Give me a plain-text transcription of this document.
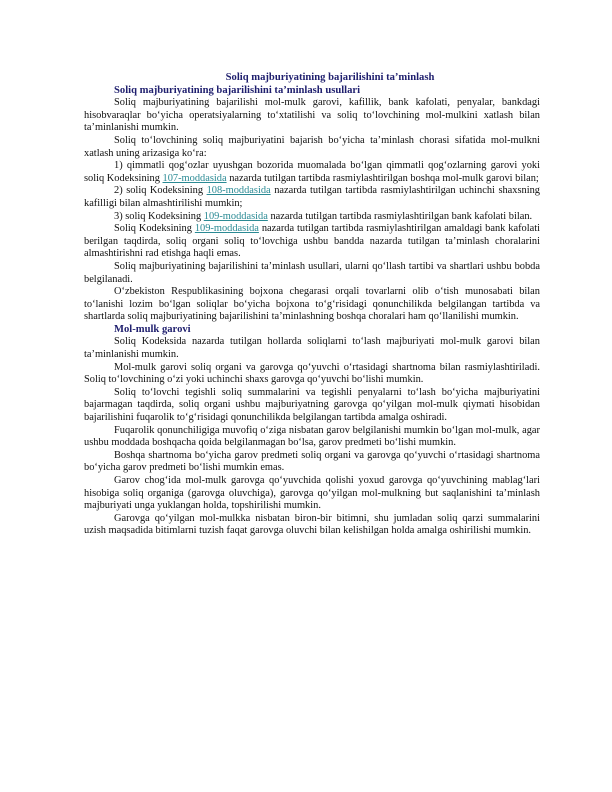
Soliq majburiyatining bajarilishini ta’minlash
Soliq majburiyatining bajarilishini ta’minlash usullari

Soliq majburiyatining bajarilishi mol-mulk garovi, kafillik, bank kafolati, penyalar, bankdagi hisobvaraqlar bo‘yicha operatsiyalarning to‘xtatilishi va soliq to‘lovchining mol-mulkini xatlash bilan ta’minlanishi mumkin.

Soliq to‘lovchining soliq majburiyatini bajarish bo‘yicha ta’minlash chorasi sifatida mol-mulkni xatlash uning arizasiga ko‘ra:

1) qimmatli qog‘ozlar uyushgan bozorida muomalada bo‘lgan qimmatli qog‘ozlarning garovi yoki soliq Kodeksining 107-moddasida nazarda tutilgan tartibda rasmiylashtirilgan boshqa mol-mulk garovi bilan;

2) soliq Kodeksining 108-moddasida nazarda tutilgan tartibda rasmiylashtirilgan uchinchi shaxsning kafilligi bilan almashtirilishi mumkin;

3) soliq Kodeksining 109-moddasida nazarda tutilgan tartibda rasmiylashtirilgan bank kafolati bilan.

Soliq Kodeksining 109-moddasida nazarda tutilgan tartibda rasmiylashtirilgan amaldagi bank kafolati berilgan taqdirda, soliq organi soliq to‘lovchiga ushbu bandda nazarda tutilgan ta’minlash choralarini almashtirishni rad etishga haqli emas.

Soliq majburiyatining bajarilishini ta’minlash usullari, ularni qo‘llash tartibi va shartlari ushbu bobda belgilanadi.

O‘zbekiston Respublikasining bojxona chegarasi orqali tovarlarni olib o‘tish munosabati bilan to‘lanishi lozim bo‘lgan soliqlar bo‘yicha bojxona to‘g‘risidagi qonunchilikda belgilangan tartibda va shartlarda soliq majburiyatining bajarilishini ta’minlashning boshqa choralari ham qo‘llanilishi mumkin.

Mol-mulk garovi

Soliq Kodeksida nazarda tutilgan hollarda soliqlarni to‘lash majburiyati mol-mulk garovi bilan ta’minlanishi mumkin.

Mol-mulk garovi soliq organi va garovga qo‘yuvchi o‘rtasidagi shartnoma bilan rasmiylashtiriladi. Soliq to‘lovchining o‘zi yoki uchinchi shaxs garovga qo‘yuvchi bo‘lishi mumkin.

Soliq to‘lovchi tegishli soliq summalarini va tegishli penyalarni to‘lash bo‘yicha majburiyatini bajarmagan taqdirda, soliq organi ushbu majburiyatning garovga qo‘yilgan mol-mulk qiymati hisobidan bajarilishini fuqarolik to‘g‘risidagi qonunchilikda belgilangan tartibda amalga oshiradi.

Fuqarolik qonunchiligiga muvofiq o‘ziga nisbatan garov belgilanishi mumkin bo‘lgan mol-mulk, agar ushbu moddada boshqacha qoida belgilanmagan bo‘lsa, garov predmeti bo‘lishi mumkin.

Boshqa shartnoma bo‘yicha garov predmeti soliq organi va garovga qo‘yuvchi o‘rtasidagi shartnoma bo‘yicha garov predmeti bo‘lishi mumkin emas.

Garov chog‘ida mol-mulk garovga qo‘yuvchida qolishi yoxud garovga qo‘yuvchining mablag‘lari hisobiga soliq organiga (garovga oluvchiga), garovga qo‘yilgan mol-mulkning but saqlanishini ta’minlash majburiyati unga yuklangan holda, topshirilishi mumkin.

Garovga qo‘yilgan mol-mulkka nisbatan biron-bir bitimni, shu jumladan soliq qarzi summalarini uzish maqsadida bitimlarni tuzish faqat garovga oluvchi bilan kelishilgan holda amalga oshirilishi mumkin.
